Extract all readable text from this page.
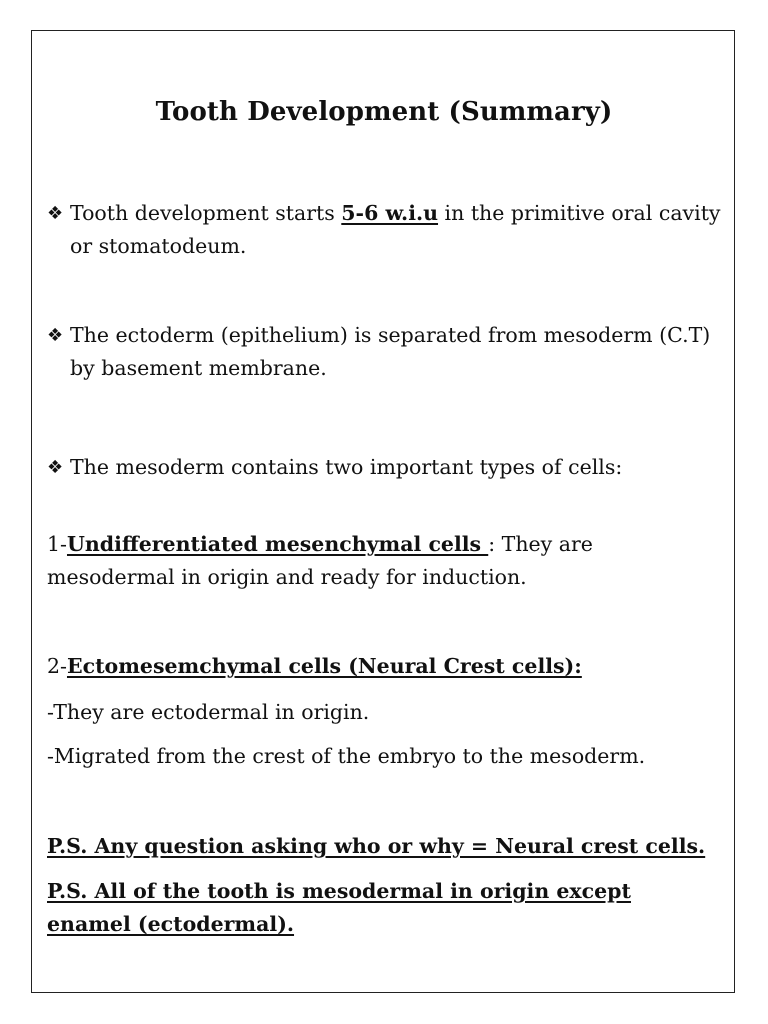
Tooth Development (Summary)
❖ Tooth development starts 5-6 w.i.u in the primitive oral cavity or stomatodeum.
❖ The ectoderm (epithelium) is separated from mesoderm (C.T) by basement membrane.
❖ The mesoderm contains two important types of cells:
1-Undifferentiated mesenchymal cells : They are mesodermal in origin and ready for induction.
2-Ectomesemchymal cells (Neural Crest cells):
-They are ectodermal in origin.
-Migrated from the crest of the embryo to the mesoderm.
P.S. Any question asking who or why = Neural crest cells.
P.S. All of the tooth is mesodermal in origin except enamel (ectodermal).
